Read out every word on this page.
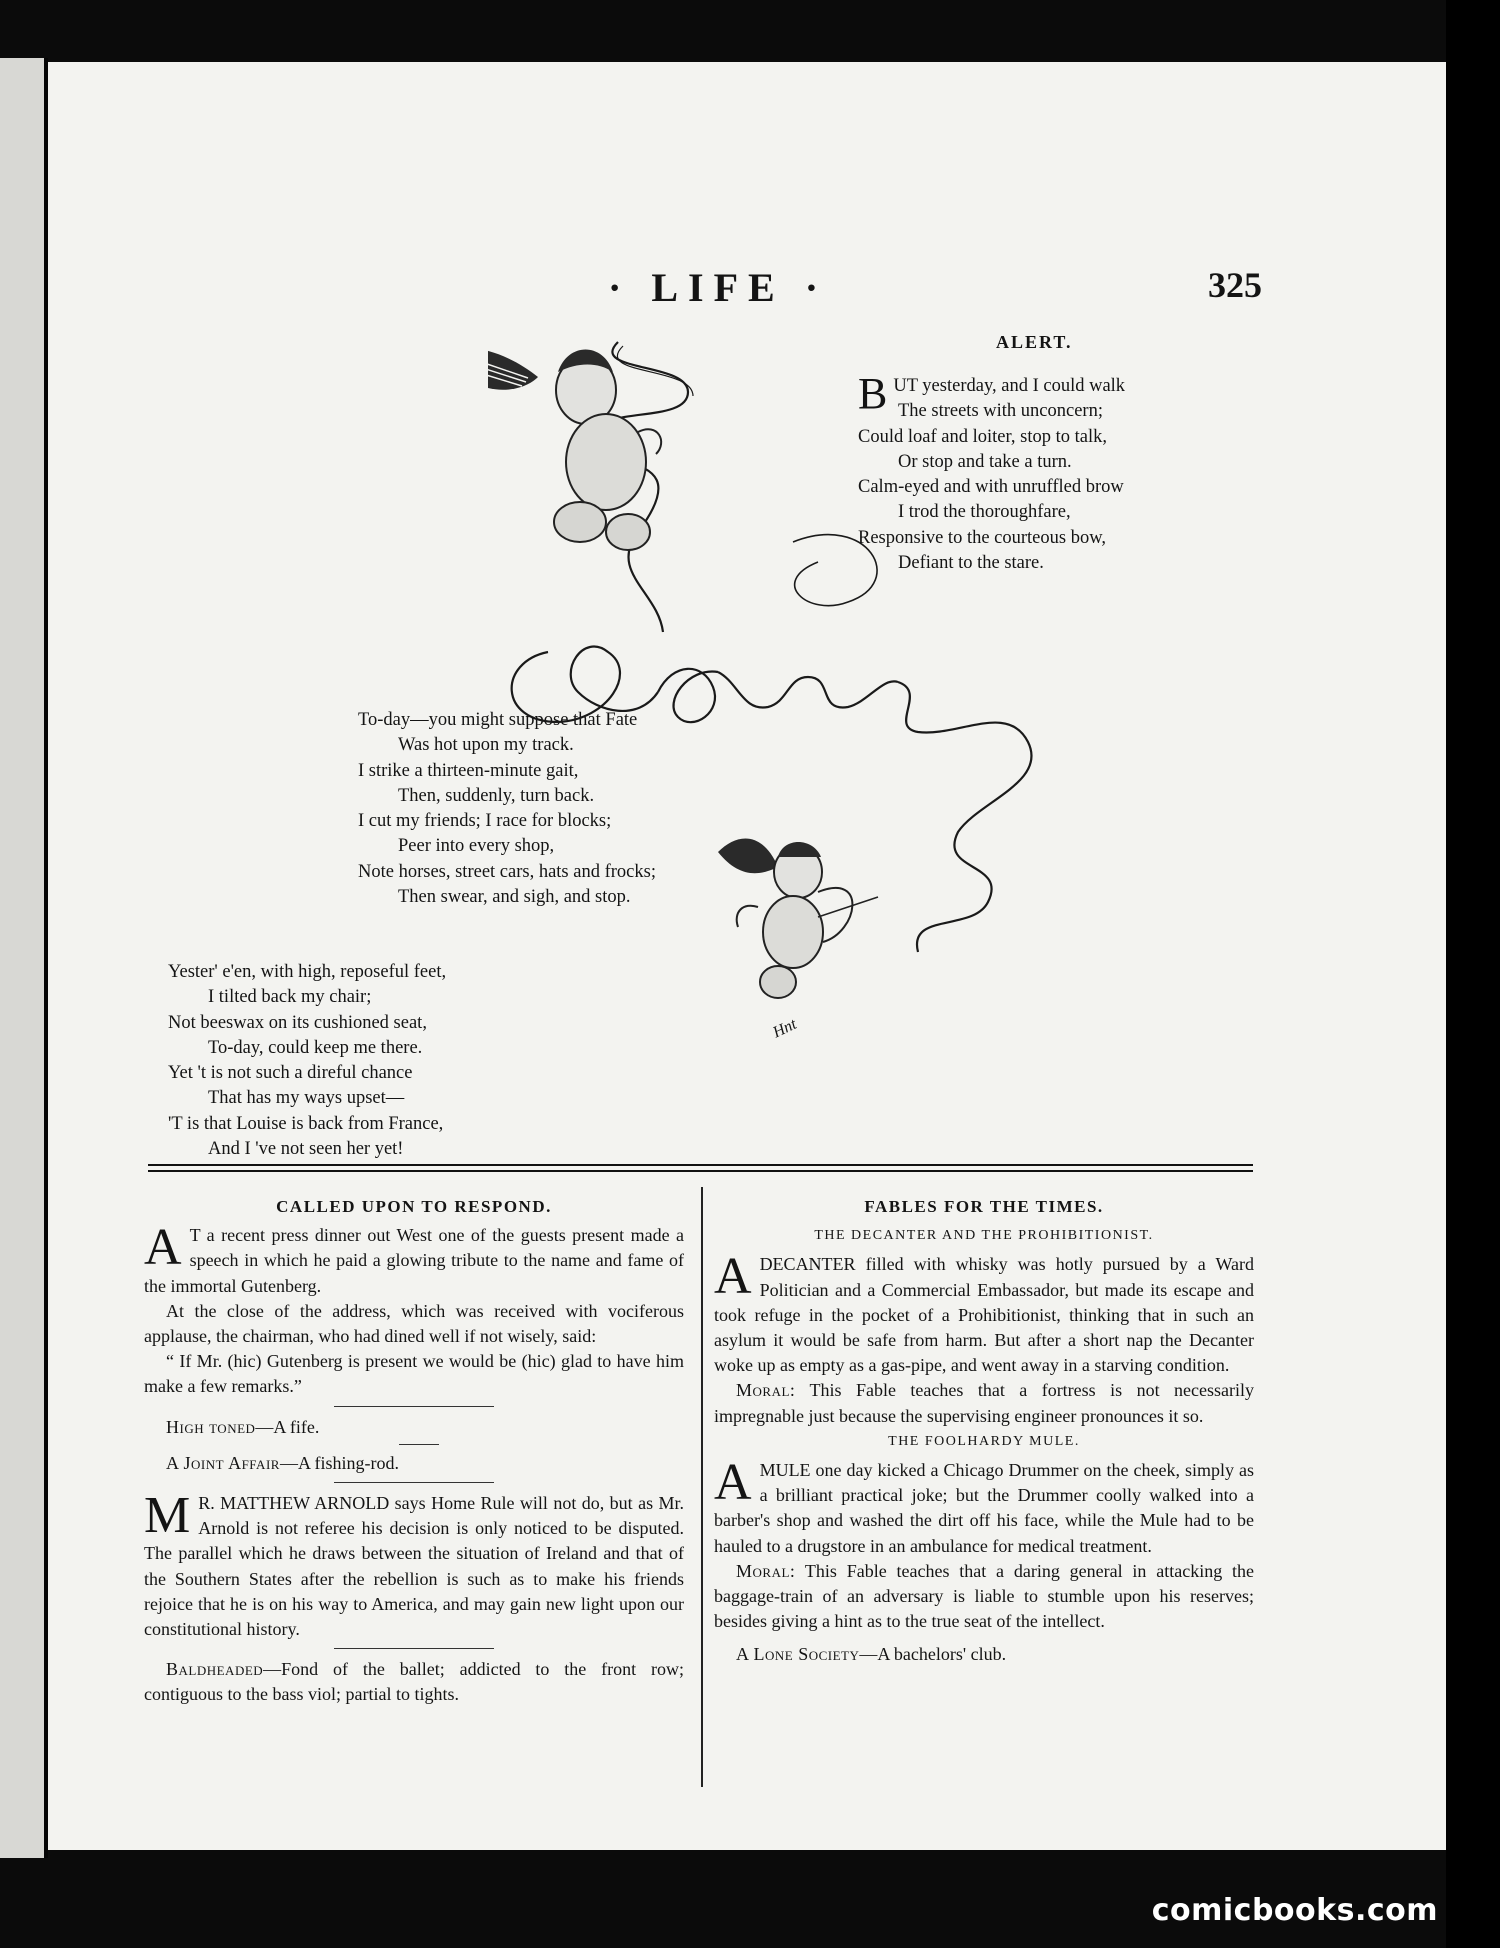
· LIFE ·	325
ALERT.
B UT yesterday, and I could walk
The streets with unconcern;
Could loaf and loiter, stop to talk,
Or stop and take a turn.
Calm-eyed and with unruffled brow
I trod the thoroughfare,
Responsive to the courteous bow,
Defiant to the stare.
To-day—you might suppose that Fate
Was hot upon my track.
I strike a thirteen-minute gait,
Then, suddenly, turn back.
I cut my friends; I race for blocks;
Peer into every shop,
Note horses, street cars, hats and frocks;
Then swear, and sigh, and stop.
Yester' e'en, with high, reposeful feet,
I tilted back my chair;
Not beeswax on its cushioned seat,
To-day, could keep me there.
Yet 't is not such a direful chance
That has my ways upset—
'T is that Louise is back from France,
And I 've not seen her yet!
Hnt
CALLED UPON TO RESPOND.

A T a recent press dinner out West one of the guests present made a speech in which he paid a glowing tribute to the name and fame of the immortal Gutenberg.

At the close of the address, which was received with vociferous applause, the chairman, who had dined well if not wisely, said:

“ If Mr. (hic) Gutenberg is present we would be (hic) glad to have him make a few remarks.”

High toned—A fife.

A Joint Affair—A fishing-rod.

M R. MATTHEW ARNOLD says Home Rule will not do, but as Mr. Arnold is not referee his decision is only noticed to be disputed. The parallel which he draws between the situation of Ireland and that of the Southern States after the rebellion is such as to make his friends rejoice that he is on his way to America, and may gain new light upon our constitutional history.

Baldheaded—Fond of the ballet; addicted to the front row; contiguous to the bass viol; partial to tights.

FABLES FOR THE TIMES.
THE DECANTER AND THE PROHIBITIONIST.

ADECANTER filled with whisky was hotly pursued by a Ward Politician and a Commercial Embassador, but made its escape and took refuge in the pocket of a Prohibitionist, thinking that in such an asylum it would be safe from harm. But after a short nap the Decanter woke up as empty as a gas-pipe, and went away in a starving condition.

Moral: This Fable teaches that a fortress is not necessarily impregnable just because the supervising engineer pronounces it so.

THE FOOLHARDY MULE.

AMULE one day kicked a Chicago Drummer on the cheek, simply as a brilliant practical joke; but the Drummer coolly walked into a barber's shop and washed the dirt off his face, while the Mule had to be hauled to a drugstore in an ambulance for medical treatment.

Moral: This Fable teaches that a daring general in attacking the baggage-train of an adversary is liable to stumble upon his reserves; besides giving a hint as to the true seat of the intellect.

A Lone Society—A bachelors' club.

comicbooks.com
